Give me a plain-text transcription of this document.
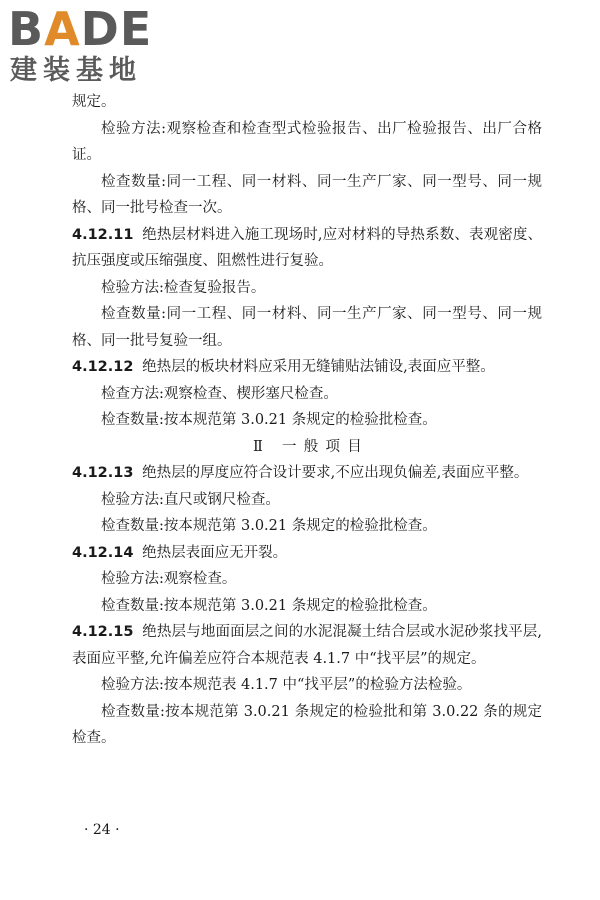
BADE
建装基地

规定。

检验方法:观察检查和检查型式检验报告、出厂检验报告、出厂合格证。

检查数量:同一工程、同一材料、同一生产厂家、同一型号、同一规格、同一批号检查一次。

4.12.11 绝热层材料进入施工现场时,应对材料的导热系数、表观密度、抗压强度或压缩强度、阻燃性进行复验。

检验方法:检查复验报告。

检查数量:同一工程、同一材料、同一生产厂家、同一型号、同一规格、同一批号复验一组。

4.12.12 绝热层的板块材料应采用无缝铺贴法铺设,表面应平整。

检查方法:观察检查、楔形塞尺检查。

检查数量:按本规范第 3.0.21 条规定的检验批检查。

Ⅱ 一般项目

4.12.13 绝热层的厚度应符合设计要求,不应出现负偏差,表面应平整。

检验方法:直尺或钢尺检查。

检查数量:按本规范第 3.0.21 条规定的检验批检查。

4.12.14 绝热层表面应无开裂。

检验方法:观察检查。

检查数量:按本规范第 3.0.21 条规定的检验批检查。

4.12.15 绝热层与地面面层之间的水泥混凝土结合层或水泥砂浆找平层,表面应平整,允许偏差应符合本规范表 4.1.7 中“找平层”的规定。

检验方法:按本规范表 4.1.7 中“找平层”的检验方法检验。

检查数量:按本规范第 3.0.21 条规定的检验批和第 3.0.22 条的规定检查。

· 24 ·
